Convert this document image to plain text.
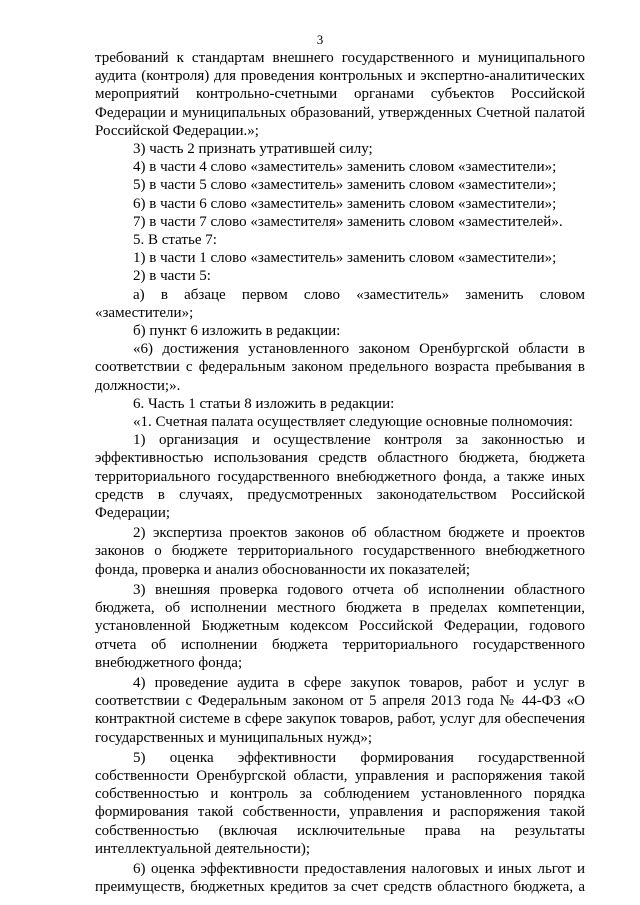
3

требований к стандартам внешнего государственного и муниципального аудита (контроля) для проведения контрольных и экспертно-аналитических мероприятий контрольно-счетными органами субъектов Российской Федерации и муниципальных образований, утвержденных Счетной палатой Российской Федерации.»;

3) часть 2 признать утратившей силу;

4) в части 4 слово «заместитель» заменить словом «заместители»;

5) в части 5 слово «заместитель» заменить словом «заместители»;

6) в части 6 слово «заместитель» заменить словом «заместители»;

7) в части 7 слово «заместителя» заменить словом «заместителей».

5. В статье 7:

1) в части 1 слово «заместитель» заменить словом «заместители»;

2) в части 5:

а) в абзаце первом слово «заместитель» заменить словом «заместители»;

б) пункт 6 изложить в редакции:

«6) достижения установленного законом Оренбургской области в соответствии с федеральным законом предельного возраста пребывания в должности;».

6. Часть 1 статьи 8 изложить в редакции:

«1. Счетная палата осуществляет следующие основные полномочия:

1) организация и осуществление контроля за законностью и эффективностью использования средств областного бюджета, бюджета территориального государственного внебюджетного фонда, а также иных средств в случаях, предусмотренных законодательством Российской Федерации;

2) экспертиза проектов законов об областном бюджете и проектов законов о бюджете территориального государственного внебюджетного фонда, проверка и анализ обоснованности их показателей;

3) внешняя проверка годового отчета об исполнении областного бюджета, об исполнении местного бюджета в пределах компетенции, установленной Бюджетным кодексом Российской Федерации, годового отчета об исполнении бюджета территориального государственного внебюджетного фонда;

4) проведение аудита в сфере закупок товаров, работ и услуг в соответствии с Федеральным законом от 5 апреля 2013 года № 44-ФЗ «О контрактной системе в сфере закупок товаров, работ, услуг для обеспечения государственных и муниципальных нужд»;

5) оценка эффективности формирования государственной собственности Оренбургской области, управления и распоряжения такой собственностью и контроль за соблюдением установленного порядка формирования такой собственности, управления и распоряжения такой собственностью (включая исключительные права на результаты интеллектуальной деятельности);

6) оценка эффективности предоставления налоговых и иных льгот и преимуществ, бюджетных кредитов за счет средств областного бюджета, а
